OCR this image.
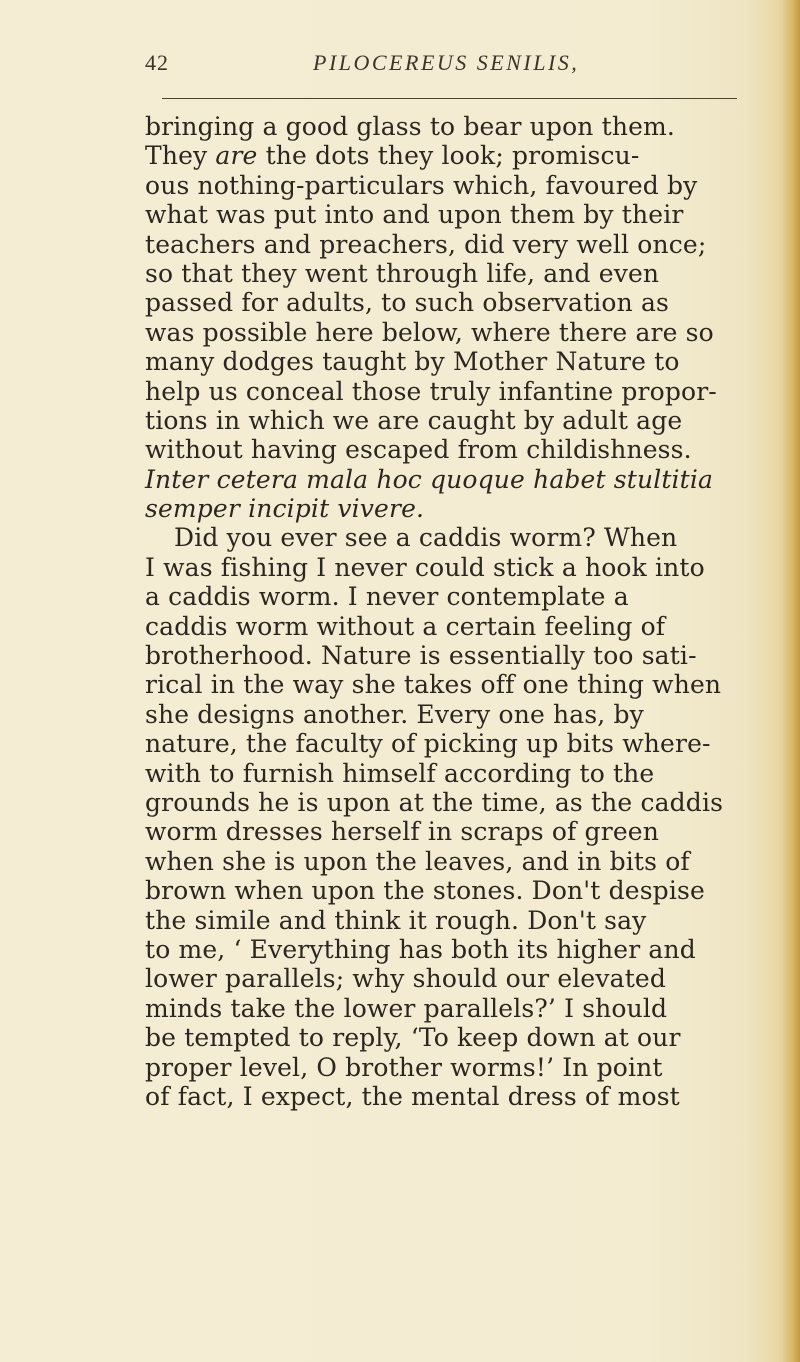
42	PILOCEREUS SENILIS,
bringing a good glass to bear upon them.
They are the dots they look; promiscu-
ous nothing-particulars which, favoured by
what was put into and upon them by their
teachers and preachers, did very well once;
so that they went through life, and even
passed for adults, to such observation as
was possible here below, where there are so
many dodges taught by Mother Nature to
help us conceal those truly infantine propor-
tions in which we are caught by adult age
without having escaped from childishness.
Inter cetera mala hoc quoque habet stultitia
semper incipit vivere.
Did you ever see a caddis worm? When
I was fishing I never could stick a hook into
a caddis worm. I never contemplate a
caddis worm without a certain feeling of
brotherhood. Nature is essentially too sati-
rical in the way she takes off one thing when
she designs another. Every one has, by
nature, the faculty of picking up bits where-
with to furnish himself according to the
grounds he is upon at the time, as the caddis
worm dresses herself in scraps of green
when she is upon the leaves, and in bits of
brown when upon the stones. Don't despise
the simile and think it rough. Don't say
to me, ‘ Everything has both its higher and
lower parallels; why should our elevated
minds take the lower parallels?’ I should
be tempted to reply, ‘To keep down at our
proper level, O brother worms!’ In point
of fact, I expect, the mental dress of most
